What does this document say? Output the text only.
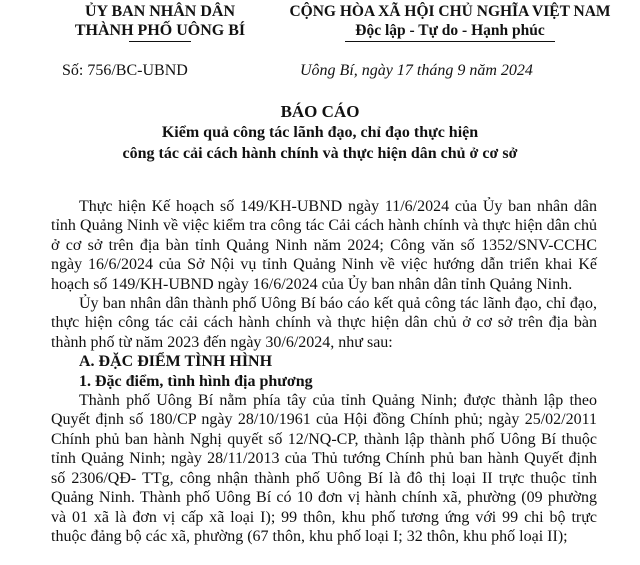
ỦY BAN NHÂN DÂN
THÀNH PHỐ UÔNG BÍ
CỘNG HÒA XÃ HỘI CHỦ NGHĨA VIỆT NAM
Độc lập - Tự do - Hạnh phúc
Số: 756/BC-UBND	Uông Bí, ngày 17 tháng 9 năm 2024
BÁO CÁO
Kiểm quả công tác lãnh đạo, chỉ đạo thực hiện
công tác cải cách hành chính và thực hiện dân chủ ở cơ sở

Thực hiện Kế hoạch số 149/KH-UBND ngày 11/6/2024 của Ủy ban nhân dân tỉnh Quảng Ninh về việc kiểm tra công tác Cải cách hành chính và thực hiện dân chủ ở cơ sở trên địa bàn tỉnh Quảng Ninh năm 2024; Công văn số 1352/SNV-CCHC ngày 16/6/2024 của Sở Nội vụ tỉnh Quảng Ninh về việc hướng dẫn triển khai Kế hoạch số 149/KH-UBND ngày 16/6/2024 của Ủy ban nhân dân tỉnh Quảng Ninh.

Ủy ban nhân dân thành phố Uông Bí báo cáo kết quả công tác lãnh đạo, chỉ đạo, thực hiện công tác cải cách hành chính và thực hiện dân chủ ở cơ sở trên địa bàn thành phố từ năm 2023 đến ngày 30/6/2024, như sau:

A. ĐẶC ĐIỂM TÌNH HÌNH

1. Đặc điểm, tình hình địa phương

Thành phố Uông Bí nằm phía tây của tỉnh Quảng Ninh; được thành lập theo Quyết định số 180/CP ngày 28/10/1961 của Hội đồng Chính phủ; ngày 25/02/2011 Chính phủ ban hành Nghị quyết số 12/NQ-CP, thành lập thành phố Uông Bí thuộc tỉnh Quảng Ninh; ngày 28/11/2013 của Thủ tướng Chính phủ ban hành Quyết định số 2306/QĐ- TTg, công nhận thành phố Uông Bí là đô thị loại II trực thuộc tỉnh Quảng Ninh. Thành phố Uông Bí có 10 đơn vị hành chính xã, phường (09 phường và 01 xã là đơn vị cấp xã loại I); 99 thôn, khu phố tương ứng với 99 chi bộ trực thuộc đảng bộ các xã, phường (67 thôn, khu phố loại I; 32 thôn, khu phố loại II);
